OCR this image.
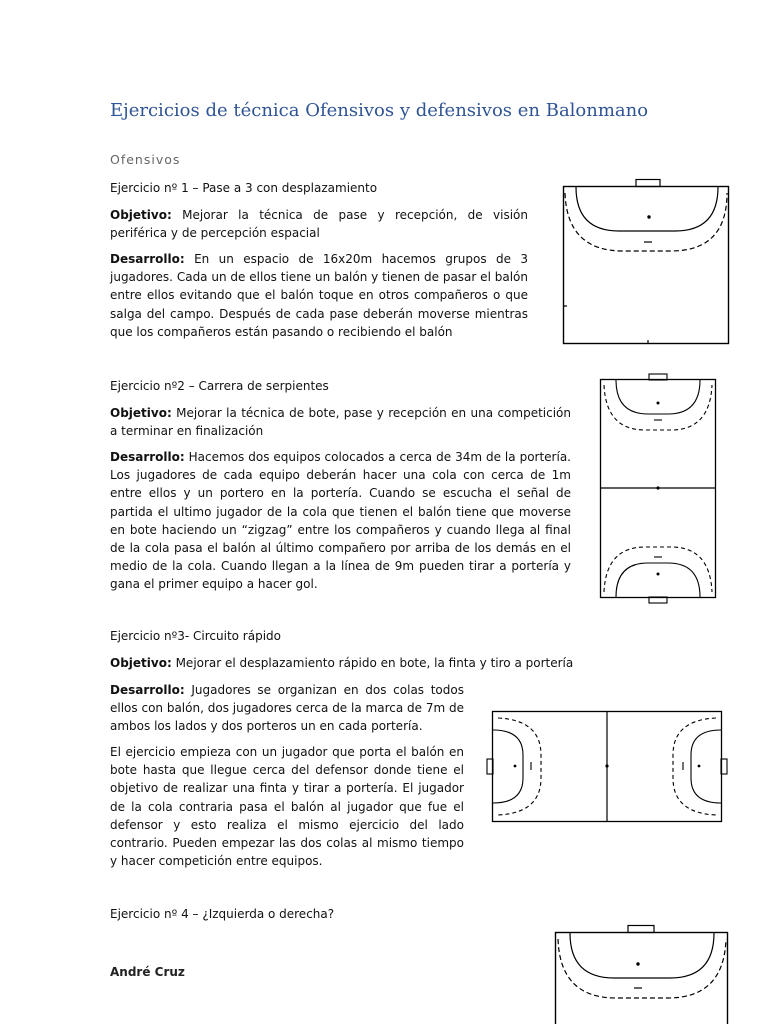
Ejercicios de técnica Ofensivos y defensivos en Balonmano
Ofensivos

Ejercicio nº 1 – Pase a 3 con desplazamiento

Objetivo: Mejorar la técnica de pase y recepción, de visión periférica y de percepción espacial

Desarrollo: En un espacio de 16x20m hacemos grupos de 3 jugadores. Cada un de ellos tiene un balón y tienen de pasar el balón entre ellos evitando que el balón toque en otros compañeros o que salga del campo. Después de cada pase deberán moverse mientras que los compañeros están pasando o recibiendo el balón

Ejercicio nº2 – Carrera de serpientes

Objetivo: Mejorar la técnica de bote, pase y recepción en una competición a terminar en finalización

Desarrollo: Hacemos dos equipos colocados a cerca de 34m de la portería. Los jugadores de cada equipo deberán hacer una cola con cerca de 1m entre ellos y un portero en la portería. Cuando se escucha el señal de partida el ultimo jugador de la cola que tienen el balón tiene que moverse en bote haciendo un “zigzag” entre los compañeros y cuando llega al final de la cola pasa el balón al último compañero por arriba de los demás en el medio de la cola. Cuando llegan a la línea de 9m pueden tirar a portería y gana el primer equipo a hacer gol.

Ejercicio nº3- Circuito rápido

Objetivo: Mejorar el desplazamiento rápido en bote, la finta y tiro a portería

Desarrollo: Jugadores se organizan en dos colas todos ellos con balón, dos jugadores cerca de la marca de 7m de ambos los lados y dos porteros un en cada portería.

El ejercicio empieza con un jugador que porta el balón en bote hasta que llegue cerca del defensor donde tiene el objetivo de realizar una finta y tirar a portería. El jugador de la cola contraria pasa el balón al jugador que fue el defensor y esto realiza el mismo ejercicio del lado contrario. Pueden empezar las dos colas al mismo tiempo y hacer competición entre equipos.

Ejercicio nº 4 – ¿Izquierda o derecha?

André Cruz
